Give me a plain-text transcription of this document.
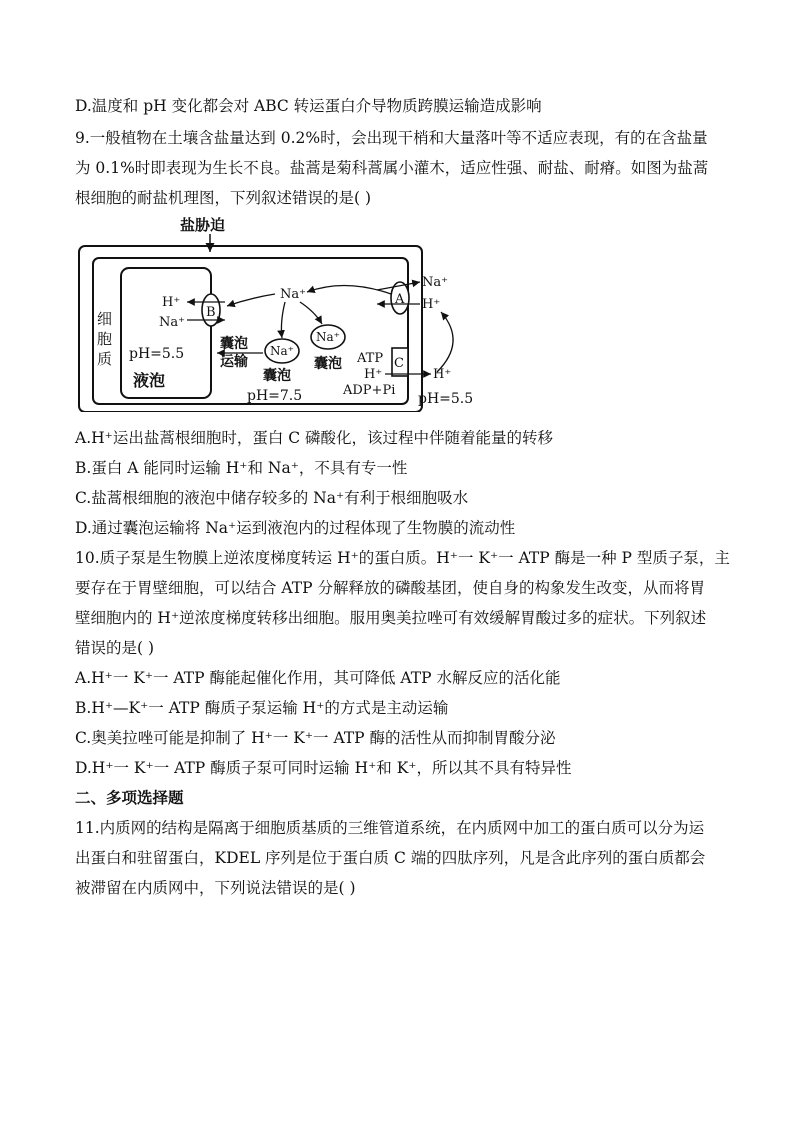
D.温度和 pH 变化都会对 ABC 转运蛋白介导物质跨膜运输造成影响
9.一般植物在土壤含盐量达到 0.2%时，会出现干梢和大量落叶等不适应表现，有的在含盐量
为 0.1%时即表现为生长不良。盐蒿是菊科蒿属小灌木，适应性强、耐盐、耐瘠。如图为盐蒿
根细胞的耐盐机理图，下列叙述错误的是( )
盐胁迫
细
胞
质 pH=5.5
液泡
B
H⁺
Na⁺
Na⁺
Na⁺
Na⁺
囊泡
运输
囊泡
囊泡
pH=7.5
A
Na⁺
H⁺
C
ATP
H⁺
ADP+Pi
H⁺
pH=5.5
A.H⁺运出盐蒿根细胞时，蛋白 C 磷酸化，该过程中伴随着能量的转移
B.蛋白 A 能同时运输 H⁺和 Na⁺，不具有专一性
C.盐蒿根细胞的液泡中储存较多的 Na⁺有利于根细胞吸水
D.通过囊泡运输将 Na⁺运到液泡内的过程体现了生物膜的流动性
10.质子泵是生物膜上逆浓度梯度转运 H⁺的蛋白质。H⁺一 K⁺一 ATP 酶是一种 P 型质子泵，主
要存在于胃壁细胞，可以结合 ATP 分解释放的磷酸基团，使自身的构象发生改变，从而将胃
壁细胞内的 H⁺逆浓度梯度转移出细胞。服用奥美拉唑可有效缓解胃酸过多的症状。下列叙述
错误的是( )
A.H⁺一 K⁺一 ATP 酶能起催化作用，其可降低 ATP 水解反应的活化能
B.H⁺—K⁺一 ATP 酶质子泵运输 H⁺的方式是主动运输
C.奥美拉唑可能是抑制了 H⁺一 K⁺一 ATP 酶的活性从而抑制胃酸分泌
D.H⁺一 K⁺一 ATP 酶质子泵可同时运输 H⁺和 K⁺，所以其不具有特异性
二、多项选择题
11.内质网的结构是隔离于细胞质基质的三维管道系统，在内质网中加工的蛋白质可以分为运
出蛋白和驻留蛋白，KDEL 序列是位于蛋白质 C 端的四肽序列，凡是含此序列的蛋白质都会
被滞留在内质网中，下列说法错误的是( )
